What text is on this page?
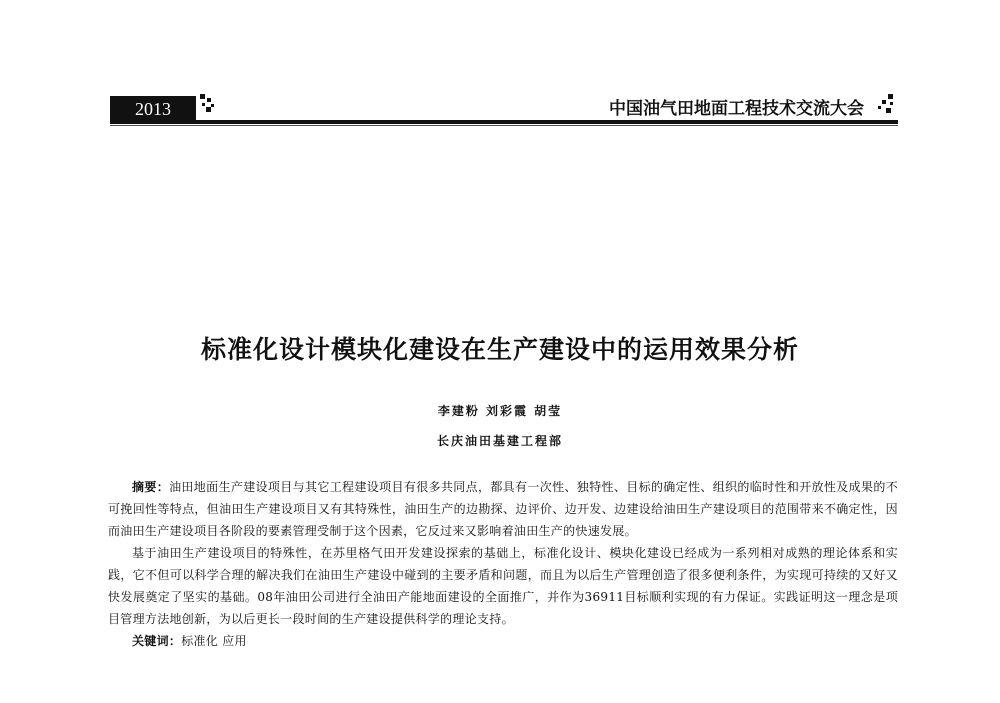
2013	中国油气田地面工程技术交流大会
标准化设计模块化建设在生产建设中的运用效果分析
李建粉 刘彩霞 胡莹
长庆油田基建工程部

摘要：油田地面生产建设项目与其它工程建设项目有很多共同点，都具有一次性、独特性、目标的确定性、组织的临时性和开放性及成果的不可挽回性等特点，但油田生产建设项目又有其特殊性，油田生产的边勘探、边评价、边开发、边建设给油田生产建设项目的范围带来不确定性，因而油田生产建设项目各阶段的要素管理受制于这个因素，它反过来又影响着油田生产的快速发展。

基于油田生产建设项目的特殊性，在苏里格气田开发建设探索的基础上，标准化设计、模块化建设已经成为一系列相对成熟的理论体系和实践，它不但可以科学合理的解决我们在油田生产建设中碰到的主要矛盾和问题，而且为以后生产管理创造了很多便利条件，为实现可持续的又好又快发展奠定了坚实的基础。08年油田公司进行全油田产能地面建设的全面推广，并作为36911目标顺利实现的有力保证。实践证明这一理念是项目管理方法地创新，为以后更长一段时间的生产建设提供科学的理论支持。

关键词：标准化 应用
